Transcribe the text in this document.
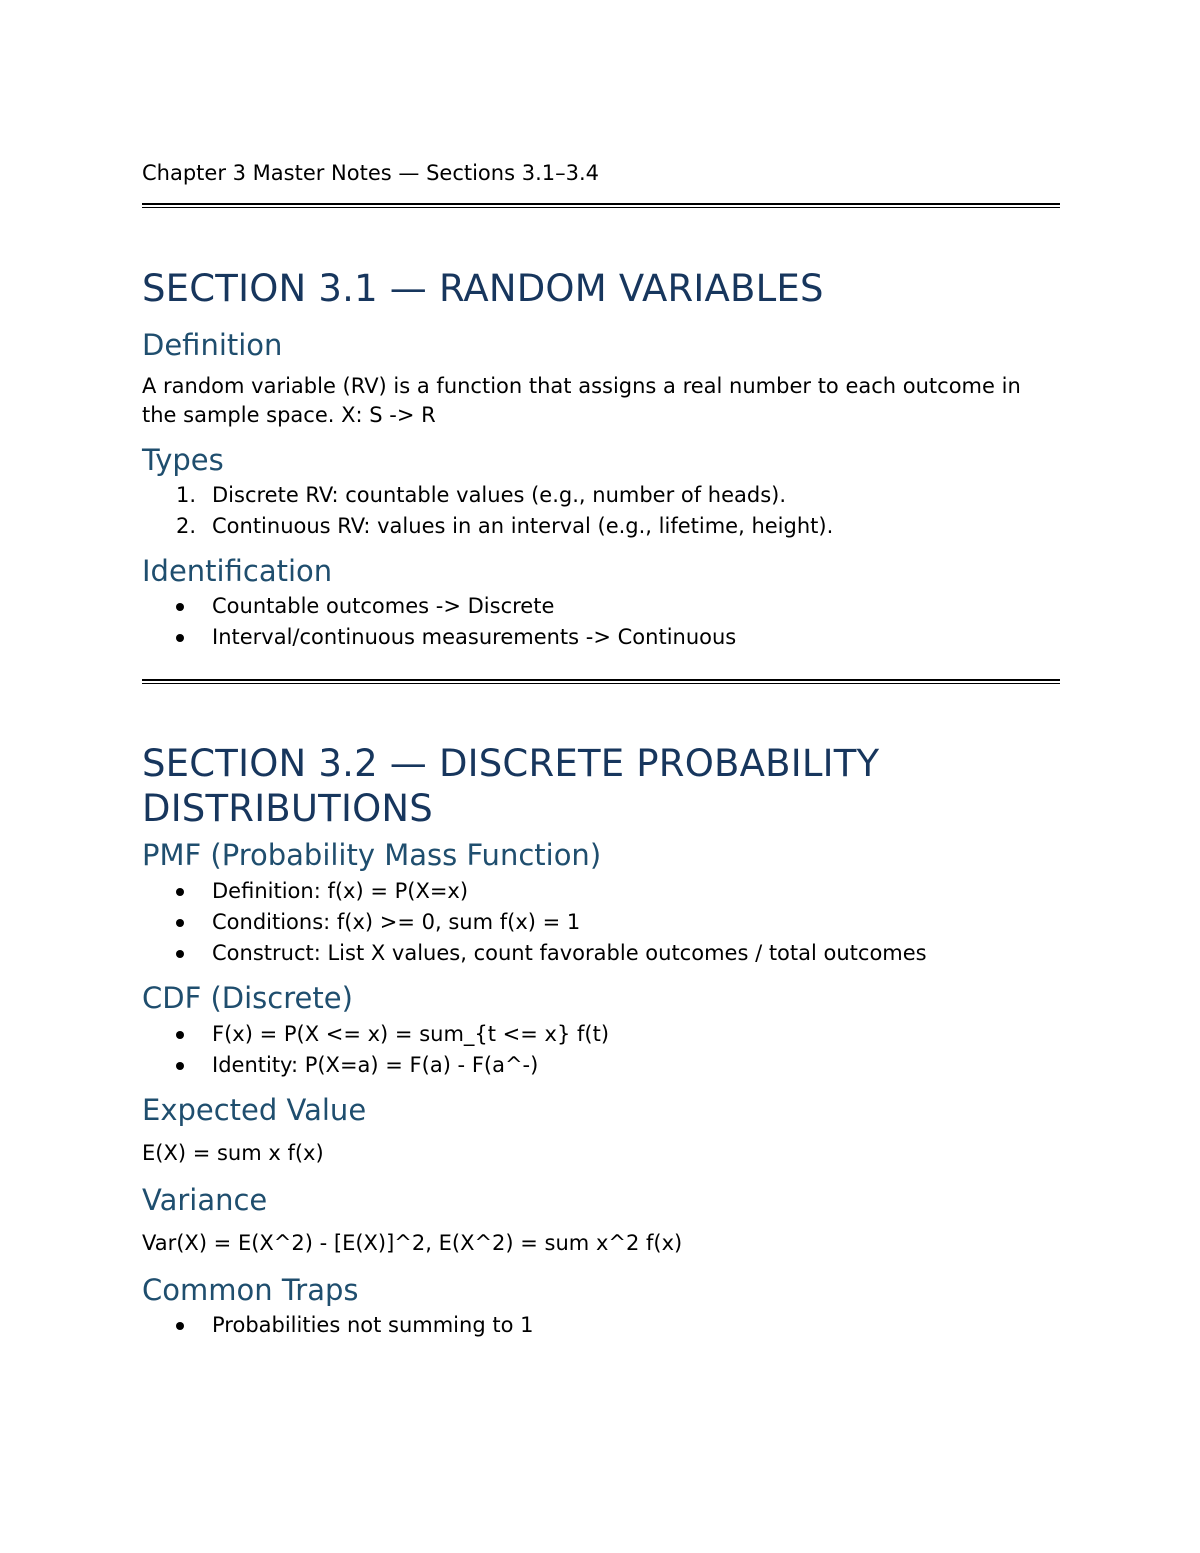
Chapter 3 Master Notes — Sections 3.1–3.4
SECTION 3.1 — RANDOM VARIABLES
Definition

A random variable (RV) is a function that assigns a real number to each outcome in the sample space. X: S -> R

Types
1. Discrete RV: countable values (e.g., number of heads).
2. Continuous RV: values in an interval (e.g., lifetime, height).
Identification
Countable outcomes -> Discrete
Interval/continuous measurements -> Continuous
SECTION 3.2 — DISCRETE PROBABILITY DISTRIBUTIONS
PMF (Probability Mass Function)
Definition: f(x) = P(X=x)
Conditions: f(x) >= 0, sum f(x) = 1
Construct: List X values, count favorable outcomes / total outcomes
CDF (Discrete)
F(x) = P(X <= x) = sum_{t <= x} f(t)
Identity: P(X=a) = F(a) - F(a^-)
Expected Value

E(X) = sum x f(x)

Variance

Var(X) = E(X^2) - [E(X)]^2, E(X^2) = sum x^2 f(x)

Common Traps
Probabilities not summing to 1
